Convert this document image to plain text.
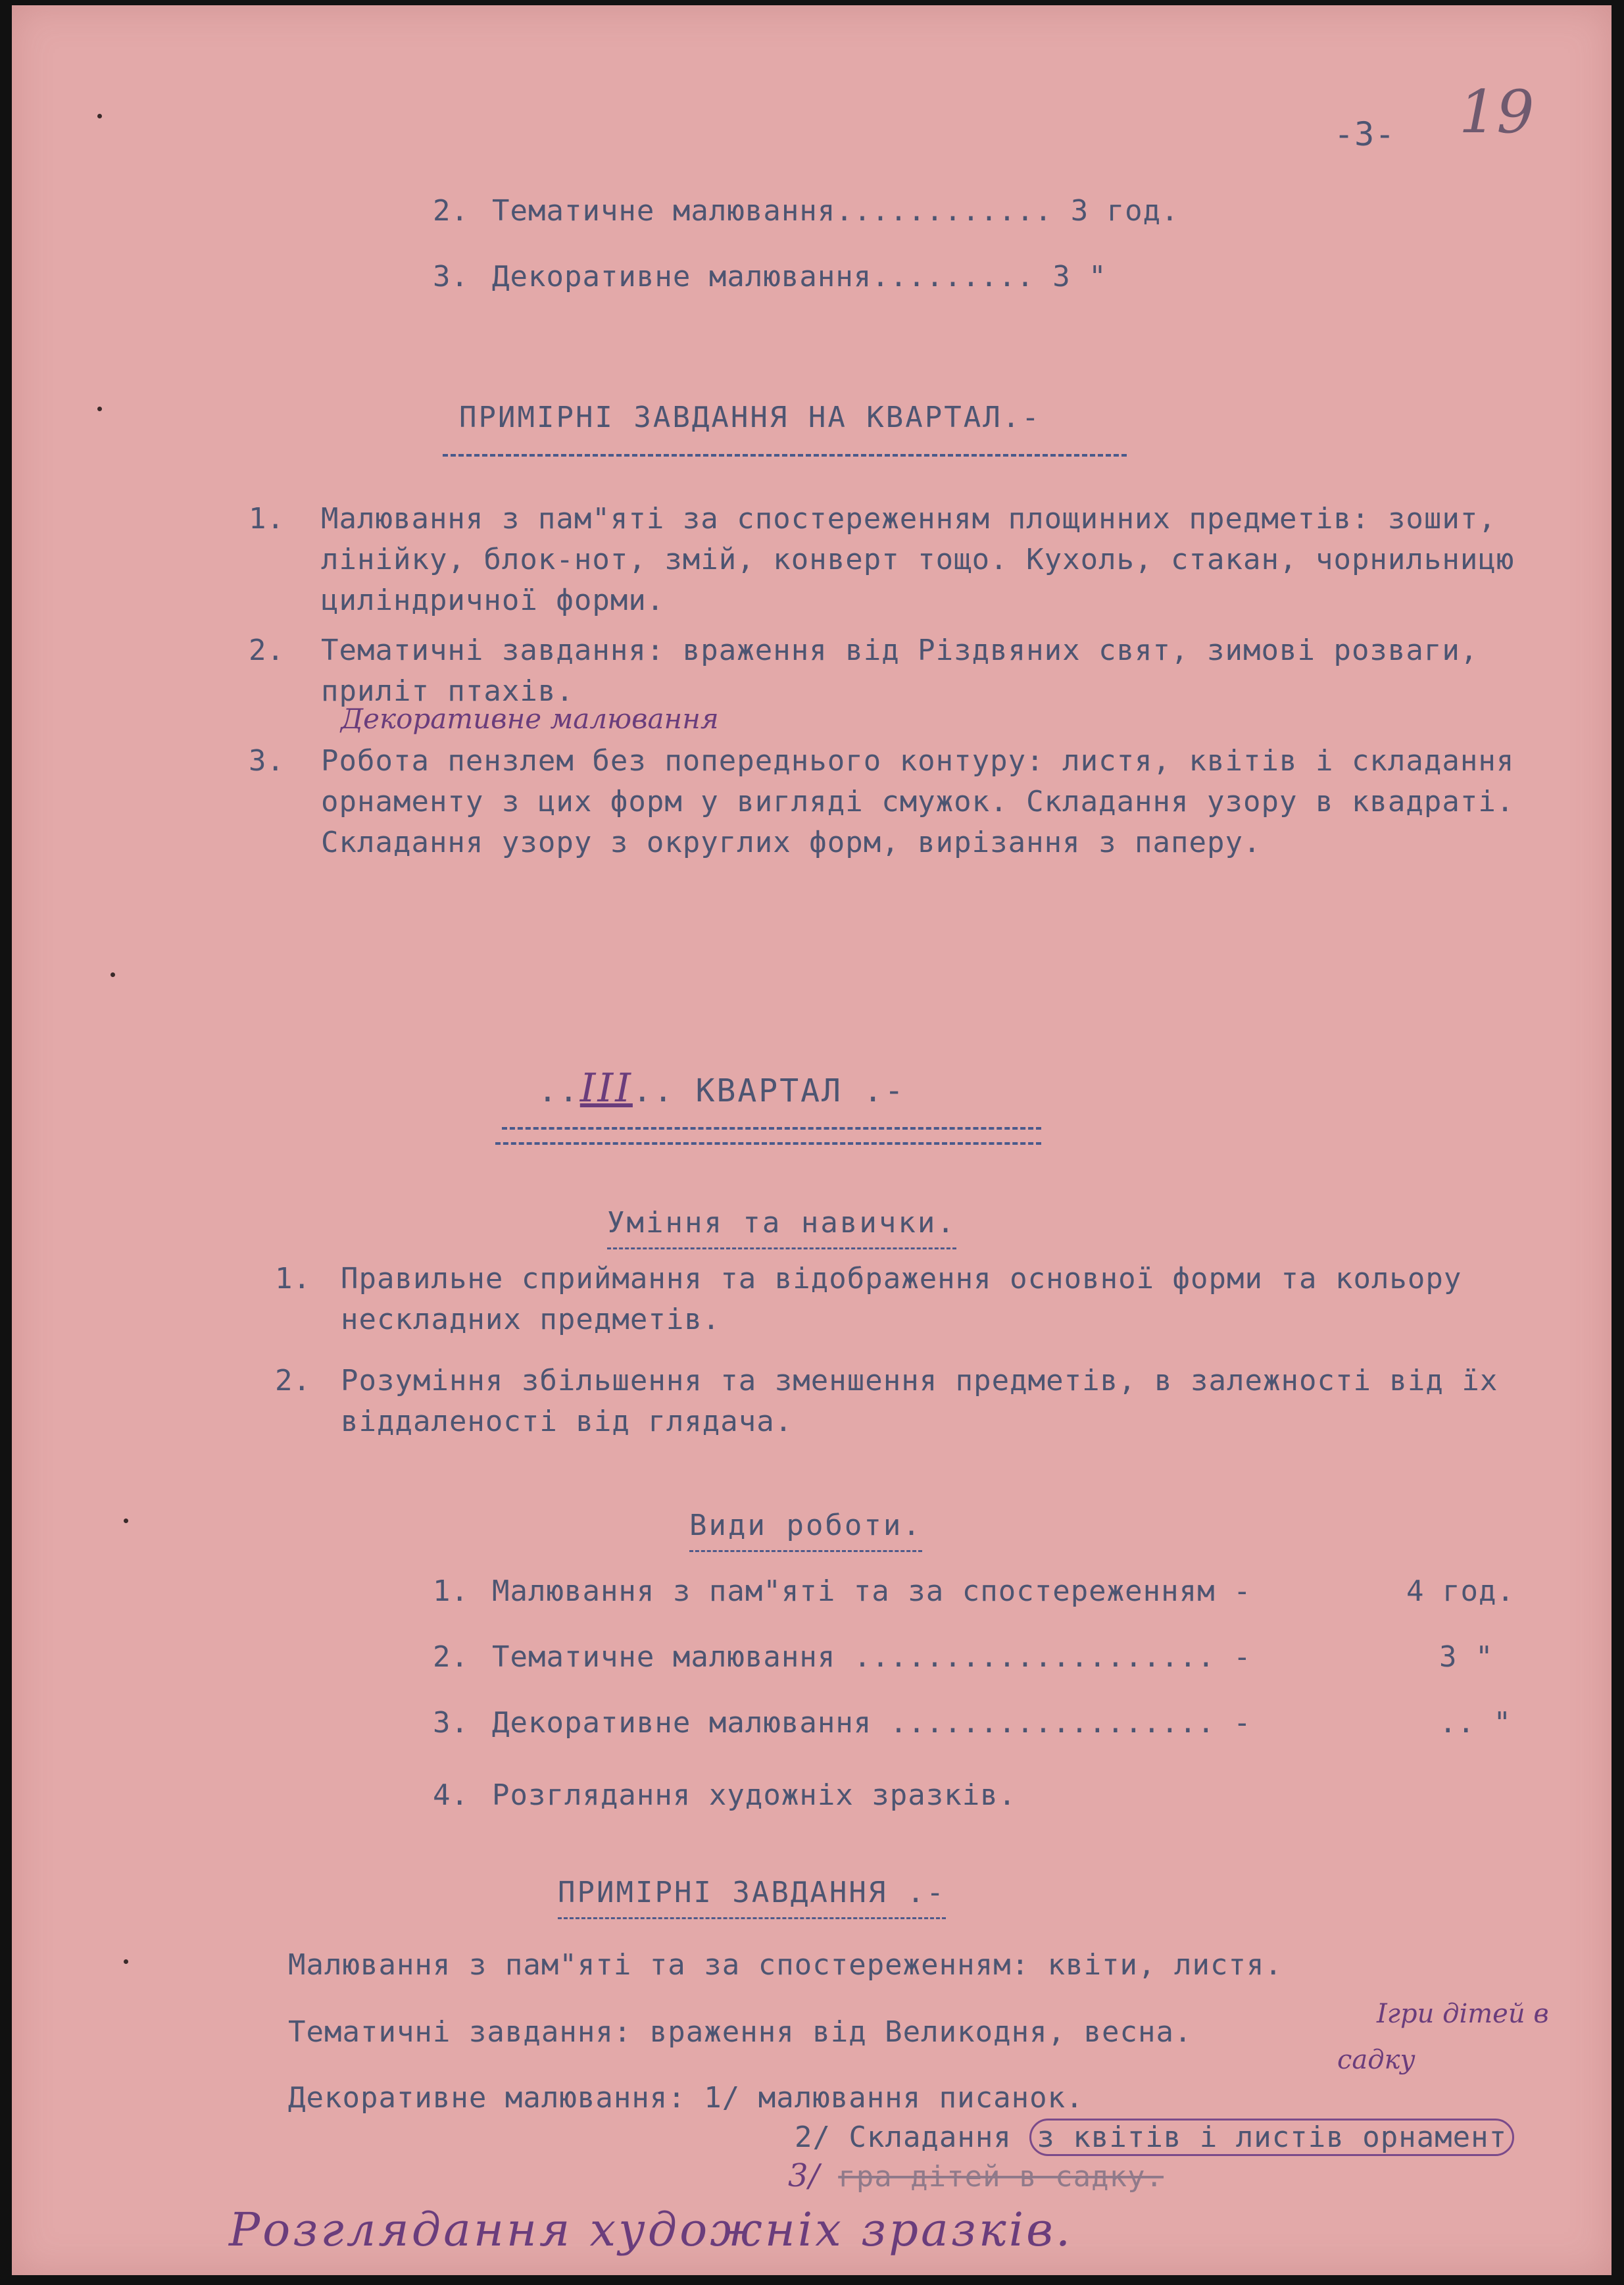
-3- 19
2. Тематичне малювання............ 3 год.
3. Декоративне малювання......... 3 "
ПРИМІРНІ ЗАВДАННЯ НА КВАРТАЛ.-
1. Малювання з пам"яті за спостереженням площинних предметів: зошит, лінійку, блок-нот, змій, конверт тощо. Кухоль, стакан, чорнильницю циліндричної форми.
2. Тематичні завдання: враження від Різдвяних свят, зимові розваги, приліт птахів.
Декоративне малювання
3. Робота пензлем без попереднього контуру: листя, квітів і складання орнаменту з цих форм у вигляді смужок. Складання узору в квадраті. Складання узору з округлих форм, вирізання з паперу.
..III.. КВАРТАЛ .-
Уміння та навички.
1. Правильне сприймання та відображення основної форми та кольору нескладних предметів.
2. Розуміння збільшення та зменшення предметів, в залежності від їх віддаленості від глядача.
Види роботи.
1. Малювання з пам"яті та за спостереженням -	4 год.
2. Тематичне малювання .................... -	3 "
3. Декоративне малювання .................. -	.. "
4. Розглядання художніх зразків.
ПРИМІРНІ ЗАВДАННЯ .-
Малювання з пам"яті та за спостереженням: квіти, листя.
Тематичні завдання: враження від Великодня, весна.
Ігри дітей в
садку
Декоративне малювання: 1/ малювання писанок.
2/ Складання з квітів і листів орнамент
3/ гра дітей в садку.
Розглядання художніх зразків.
